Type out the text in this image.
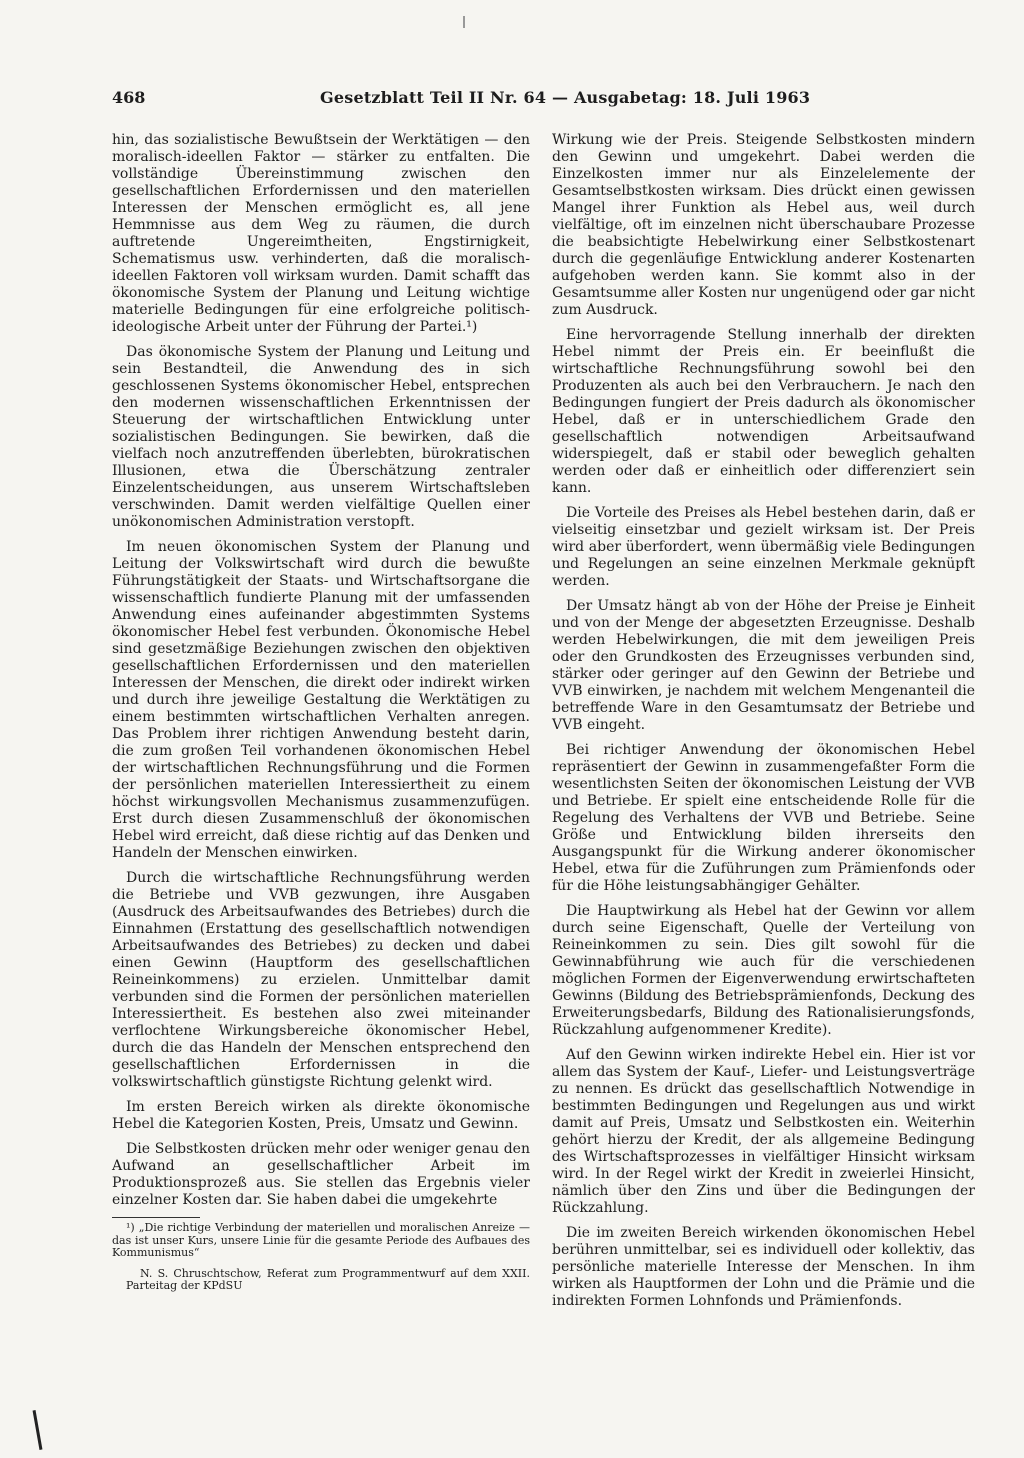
468	Gesetzblatt Teil II Nr. 64 — Ausgabetag: 18. Juli 1963

hin, das sozialistische Bewußtsein der Werktätigen — den moralisch-ideellen Faktor — stärker zu entfalten. Die vollständige Übereinstimmung zwischen den gesellschaftlichen Erfordernissen und den materiellen Interessen der Menschen ermöglicht es, all jene Hemmnisse aus dem Weg zu räumen, die durch auftretende Ungereimtheiten, Engstirnigkeit, Schematismus usw. verhinderten, daß die moralisch-ideellen Faktoren voll wirksam wurden. Damit schafft das ökonomische System der Planung und Leitung wichtige materielle Bedingungen für eine erfolgreiche politisch-ideologische Arbeit unter der Führung der Partei.¹)

Das ökonomische System der Planung und Leitung und sein Bestandteil, die Anwendung des in sich geschlossenen Systems ökonomischer Hebel, entsprechen den modernen wissenschaftlichen Erkenntnissen der Steuerung der wirtschaftlichen Entwicklung unter sozialistischen Bedingungen. Sie bewirken, daß die vielfach noch anzutreffenden überlebten, bürokratischen Illusionen, etwa die Überschätzung zentraler Einzelentscheidungen, aus unserem Wirtschaftsleben verschwinden. Damit werden vielfältige Quellen einer unökonomischen Administration verstopft.

Im neuen ökonomischen System der Planung und Leitung der Volkswirtschaft wird durch die bewußte Führungstätigkeit der Staats- und Wirtschaftsorgane die wissenschaftlich fundierte Planung mit der umfassenden Anwendung eines aufeinander abgestimmten Systems ökonomischer Hebel fest verbunden. Ökonomische Hebel sind gesetzmäßige Beziehungen zwischen den objektiven gesellschaftlichen Erfordernissen und den materiellen Interessen der Menschen, die direkt oder indirekt wirken und durch ihre jeweilige Gestaltung die Werktätigen zu einem bestimmten wirtschaftlichen Verhalten anregen. Das Problem ihrer richtigen Anwendung besteht darin, die zum großen Teil vorhandenen ökonomischen Hebel der wirtschaftlichen Rechnungsführung und die Formen der persönlichen materiellen Interessiertheit zu einem höchst wirkungsvollen Mechanismus zusammenzufügen. Erst durch diesen Zusammenschluß der ökonomischen Hebel wird erreicht, daß diese richtig auf das Denken und Handeln der Menschen einwirken.

Durch die wirtschaftliche Rechnungsführung werden die Betriebe und VVB gezwungen, ihre Ausgaben (Ausdruck des Arbeitsaufwandes des Betriebes) durch die Einnahmen (Erstattung des gesellschaftlich notwendigen Arbeitsaufwandes des Betriebes) zu decken und dabei einen Gewinn (Hauptform des gesellschaftlichen Reineinkommens) zu erzielen. Unmittelbar damit verbunden sind die Formen der persönlichen materiellen Interessiertheit. Es bestehen also zwei miteinander verflochtene Wirkungsbereiche ökonomischer Hebel, durch die das Handeln der Menschen entsprechend den gesellschaftlichen Erfordernissen in die volkswirtschaftlich günstigste Richtung gelenkt wird.

Im ersten Bereich wirken als direkte ökonomische Hebel die Kategorien Kosten, Preis, Umsatz und Gewinn.

Die Selbstkosten drücken mehr oder weniger genau den Aufwand an gesellschaftlicher Arbeit im Produktionsprozeß aus. Sie stellen das Ergebnis vieler einzelner Kosten dar. Sie haben dabei die umgekehrte

¹) „Die richtige Verbindung der materiellen und moralischen Anreize — das ist unser Kurs, unsere Linie für die gesamte Periode des Aufbaues des Kommunismus“

N. S. Chruschtschow, Referat zum Programmentwurf auf dem XXII. Parteitag der KPdSU

Wirkung wie der Preis. Steigende Selbstkosten mindern den Gewinn und umgekehrt. Dabei werden die Einzelkosten immer nur als Einzelelemente der Gesamtselbstkosten wirksam. Dies drückt einen gewissen Mangel ihrer Funktion als Hebel aus, weil durch vielfältige, oft im einzelnen nicht überschaubare Prozesse die beabsichtigte Hebelwirkung einer Selbstkostenart durch die gegenläufige Entwicklung anderer Kostenarten aufgehoben werden kann. Sie kommt also in der Gesamtsumme aller Kosten nur ungenügend oder gar nicht zum Ausdruck.

Eine hervorragende Stellung innerhalb der direkten Hebel nimmt der Preis ein. Er beeinflußt die wirtschaftliche Rechnungsführung sowohl bei den Produzenten als auch bei den Verbrauchern. Je nach den Bedingungen fungiert der Preis dadurch als ökonomischer Hebel, daß er in unterschiedlichem Grade den gesellschaftlich notwendigen Arbeitsaufwand widerspiegelt, daß er stabil oder beweglich gehalten werden oder daß er einheitlich oder differenziert sein kann.

Die Vorteile des Preises als Hebel bestehen darin, daß er vielseitig einsetzbar und gezielt wirksam ist. Der Preis wird aber überfordert, wenn übermäßig viele Bedingungen und Regelungen an seine einzelnen Merkmale geknüpft werden.

Der Umsatz hängt ab von der Höhe der Preise je Einheit und von der Menge der abgesetzten Erzeugnisse. Deshalb werden Hebelwirkungen, die mit dem jeweiligen Preis oder den Grundkosten des Erzeugnisses verbunden sind, stärker oder geringer auf den Gewinn der Betriebe und VVB einwirken, je nachdem mit welchem Mengenanteil die betreffende Ware in den Gesamtumsatz der Betriebe und VVB eingeht.

Bei richtiger Anwendung der ökonomischen Hebel repräsentiert der Gewinn in zusammengefaßter Form die wesentlichsten Seiten der ökonomischen Leistung der VVB und Betriebe. Er spielt eine entscheidende Rolle für die Regelung des Verhaltens der VVB und Betriebe. Seine Größe und Entwicklung bilden ihrerseits den Ausgangspunkt für die Wirkung anderer ökonomischer Hebel, etwa für die Zuführungen zum Prämienfonds oder für die Höhe leistungsabhängiger Gehälter.

Die Hauptwirkung als Hebel hat der Gewinn vor allem durch seine Eigenschaft, Quelle der Verteilung von Reineinkommen zu sein. Dies gilt sowohl für die Gewinnabführung wie auch für die verschiedenen möglichen Formen der Eigenverwendung erwirtschafteten Gewinns (Bildung des Betriebsprämienfonds, Deckung des Erweiterungsbedarfs, Bildung des Rationalisierungsfonds, Rückzahlung aufgenommener Kredite).

Auf den Gewinn wirken indirekte Hebel ein. Hier ist vor allem das System der Kauf-, Liefer- und Leistungsverträge zu nennen. Es drückt das gesellschaftlich Notwendige in bestimmten Bedingungen und Regelungen aus und wirkt damit auf Preis, Umsatz und Selbstkosten ein. Weiterhin gehört hierzu der Kredit, der als allgemeine Bedingung des Wirtschaftsprozesses in vielfältiger Hinsicht wirksam wird. In der Regel wirkt der Kredit in zweierlei Hinsicht, nämlich über den Zins und über die Bedingungen der Rückzahlung.

Die im zweiten Bereich wirkenden ökonomischen Hebel berühren unmittelbar, sei es individuell oder kollektiv, das persönliche materielle Interesse der Menschen. In ihm wirken als Hauptformen der Lohn und die Prämie und die indirekten Formen Lohnfonds und Prämienfonds.
